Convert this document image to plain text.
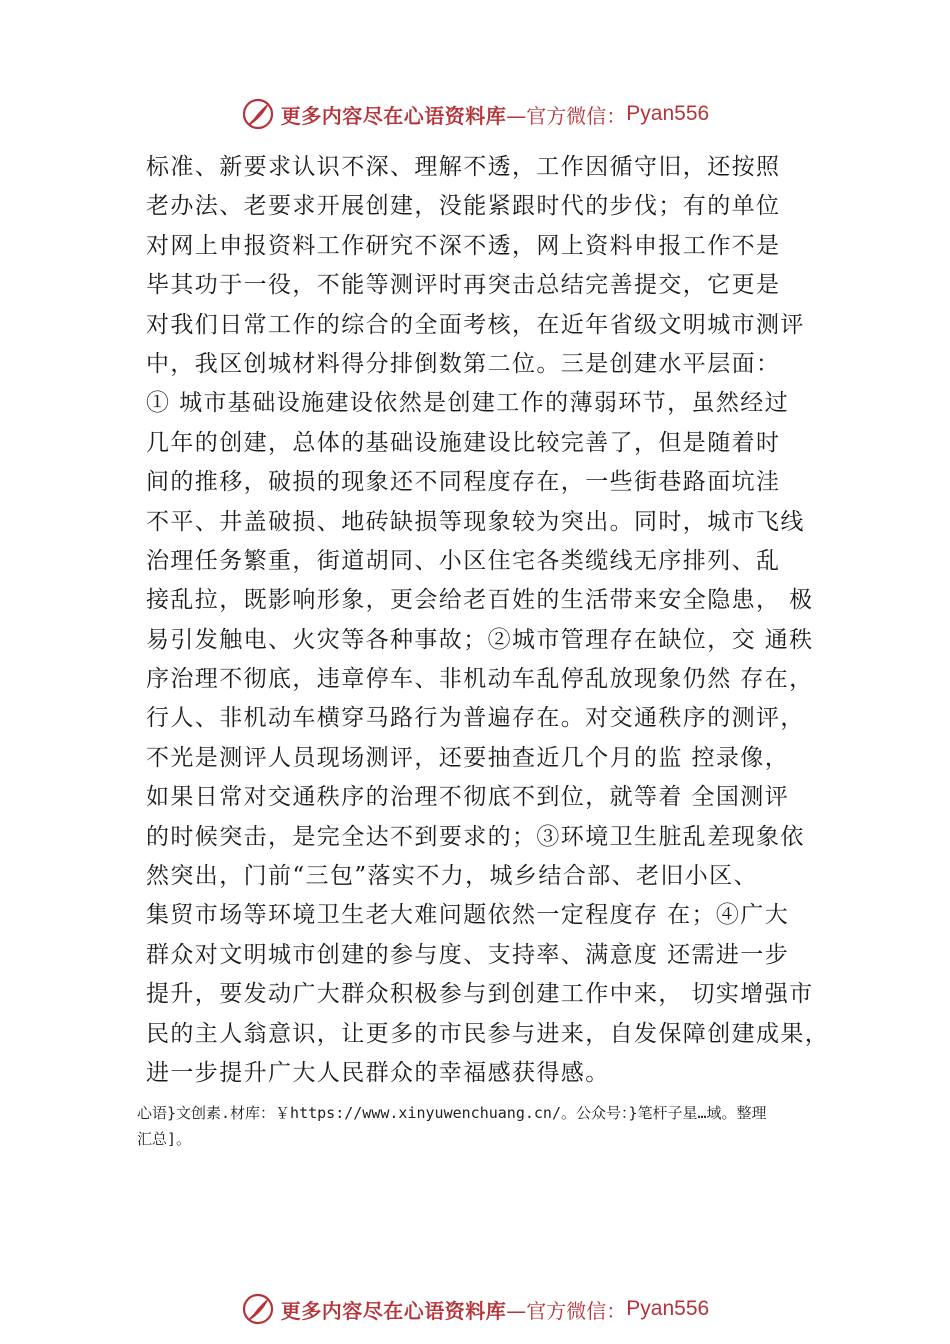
更多内容尽在心语资料库 —官方微信： Pyan556
标准、新要求认识不深、理解不透，工作因循守旧，还按照
老办法、老要求开展创建，没能紧跟时代的步伐；有的单位
对网上申报资料工作研究不深不透，网上资料申报工作不是
毕其功于一役，不能等测评时再突击总结完善提交，它更是
对我们日常工作的综合的全面考核，在近年省级文明城市测评
中，我区创城材料得分排倒数第二位。三是创建水平层面：
① 城市基础设施建设依然是创建工作的薄弱环节，虽然经过
几年的创建，总体的基础设施建设比较完善了，但是随着时
间的推移，破损的现象还不同程度存在，一些街巷路面坑洼
不平、井盖破损、地砖缺损等现象较为突出。同时，城市飞线
治理任务繁重，街道胡同、小区住宅各类缆线无序排列、乱
接乱拉，既影响形象，更会给老百姓的生活带来安全隐患， 极
易引发触电、火灾等各种事故；②城市管理存在缺位，交 通秩
序治理不彻底，违章停车、非机动车乱停乱放现象仍然 存在，
行人、非机动车横穿马路行为普遍存在。对交通秩序的测评，
不光是测评人员现场测评，还要抽查近几个月的监 控录像，
如果日常对交通秩序的治理不彻底不到位，就等着 全国测评
的时候突击，是完全达不到要求的；③环境卫生脏乱差现象依
然突出，门前“三包”落实不力，城乡结合部、老旧小区、
集贸市场等环境卫生老大难问题依然一定程度存 在；④广大
群众对文明城市创建的参与度、支持率、满意度 还需进一步
提升，要发动广大群众积极参与到创建工作中来， 切实增强市
民的主人翁意识，让更多的市民参与进来，自发保障创建成果，
进一步提升广大人民群众的幸福感获得感。
心语}文创素.材库：￥https://www.xinyuwenchuang.cn/。公众号：}笔杆子星…域。整理
汇总]。
更多内容尽在心语资料库 —官方微信： Pyan556
